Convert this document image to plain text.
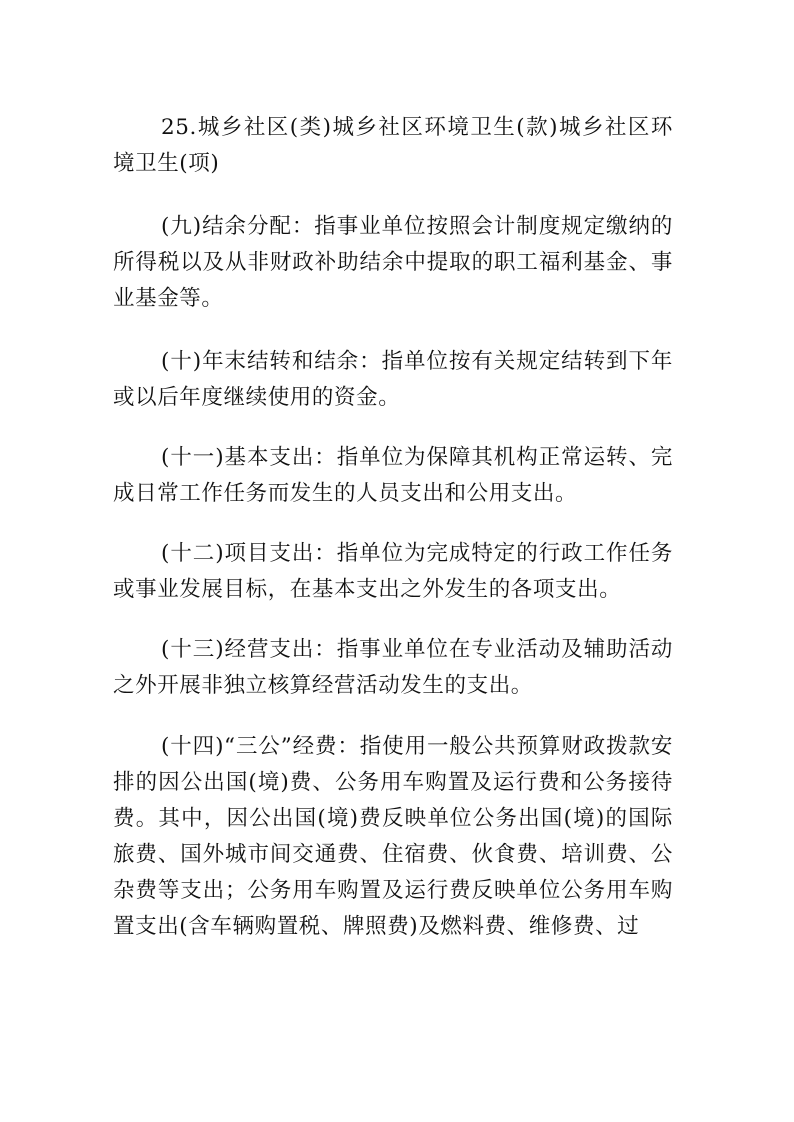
25.城乡社区(类)城乡社区环境卫生(款)城乡社区环境卫生(项)

(九)结余分配：指事业单位按照会计制度规定缴纳的所得税以及从非财政补助结余中提取的职工福利基金、事业基金等。

(十)年末结转和结余：指单位按有关规定结转到下年或以后年度继续使用的资金。

(十一)基本支出：指单位为保障其机构正常运转、完成日常工作任务而发生的人员支出和公用支出。

(十二)项目支出：指单位为完成特定的行政工作任务或事业发展目标，在基本支出之外发生的各项支出。

(十三)经营支出：指事业单位在专业活动及辅助活动之外开展非独立核算经营活动发生的支出。

(十四)“三公”经费：指使用一般公共预算财政拨款安排的因公出国(境)费、公务用车购置及运行费和公务接待费。其中，因公出国(境)费反映单位公务出国(境)的国际旅费、国外城市间交通费、住宿费、伙食费、培训费、公杂费等支出；公务用车购置及运行费反映单位公务用车购置支出(含车辆购置税、牌照费)及燃料费、维修费、过
